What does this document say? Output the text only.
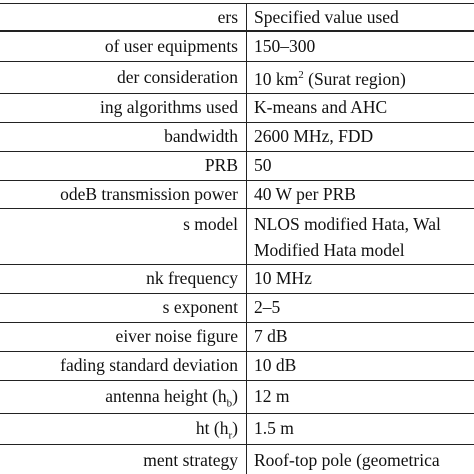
ers Specified value used
of user equipments 150–300
der consideration 10 $km^2$ (Surat region)
ing algorithms used K-means and AHC
bandwidth 2600 MHz, FDD
PRB 50
odeB transmission power 40 W per PRB
s model NLOS modified Hata, Wal
Modified Hata model
nk frequency 10 MHz
s exponent 2–5
eiver noise figure 7 dB
fading standard deviation 10 dB
antenna height $(h_b)$ 12 m
ht $(h_r)$ 1.5 m
ment strategy Roof-top pole (geometrica
